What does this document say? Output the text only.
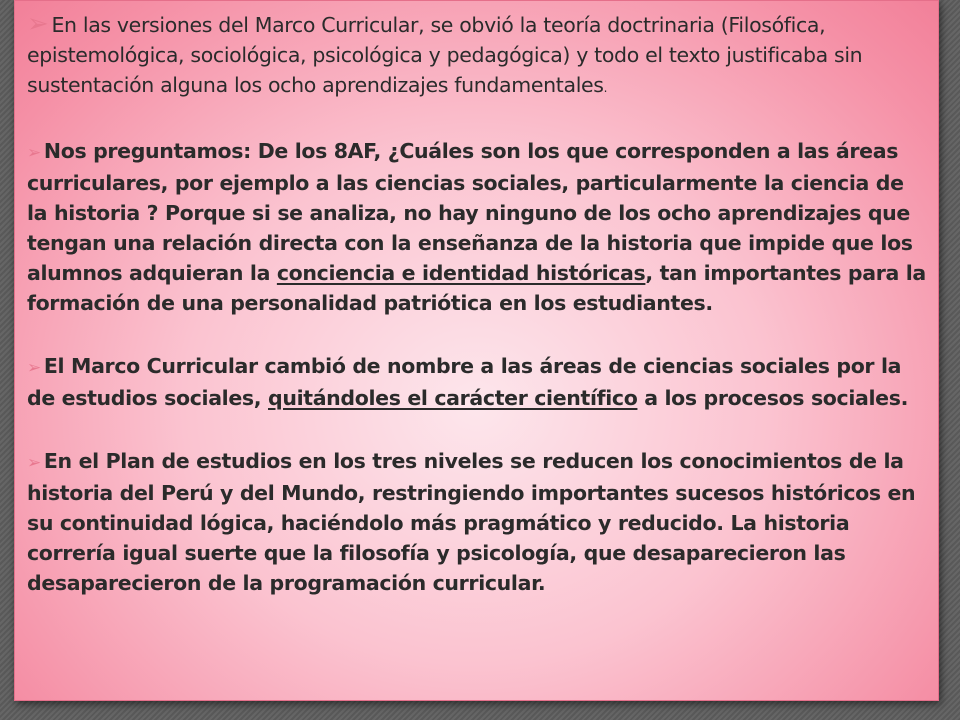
➢ En las versiones del Marco Curricular, se obvió la teoría doctrinaria (Filosófica, epistemológica, sociológica, psicológica y pedagógica) y todo el texto justificaba sin sustentación alguna los ocho aprendizajes fundamentales.

➢ Nos preguntamos: De los 8AF, ¿Cuáles son los que corresponden a las áreas curriculares, por ejemplo a las ciencias sociales, particularmente la ciencia de la historia ? Porque si se analiza, no hay ninguno de los ocho aprendizajes que tengan una relación directa con la enseñanza de la historia que impide que los alumnos adquieran la conciencia e identidad históricas, tan importantes para la formación de una personalidad patriótica en los estudiantes.

➢ El Marco Curricular cambió de nombre a las áreas de ciencias sociales por la de estudios sociales, quitándoles el carácter científico a los procesos sociales.

➢ En el Plan de estudios en los tres niveles se reducen los conocimientos de la historia del Perú y del Mundo, restringiendo importantes sucesos históricos en su continuidad lógica, haciéndolo más pragmático y reducido. La historia correría igual suerte que la filosofía y psicología, que desaparecieron las desaparecieron de la programación curricular.
